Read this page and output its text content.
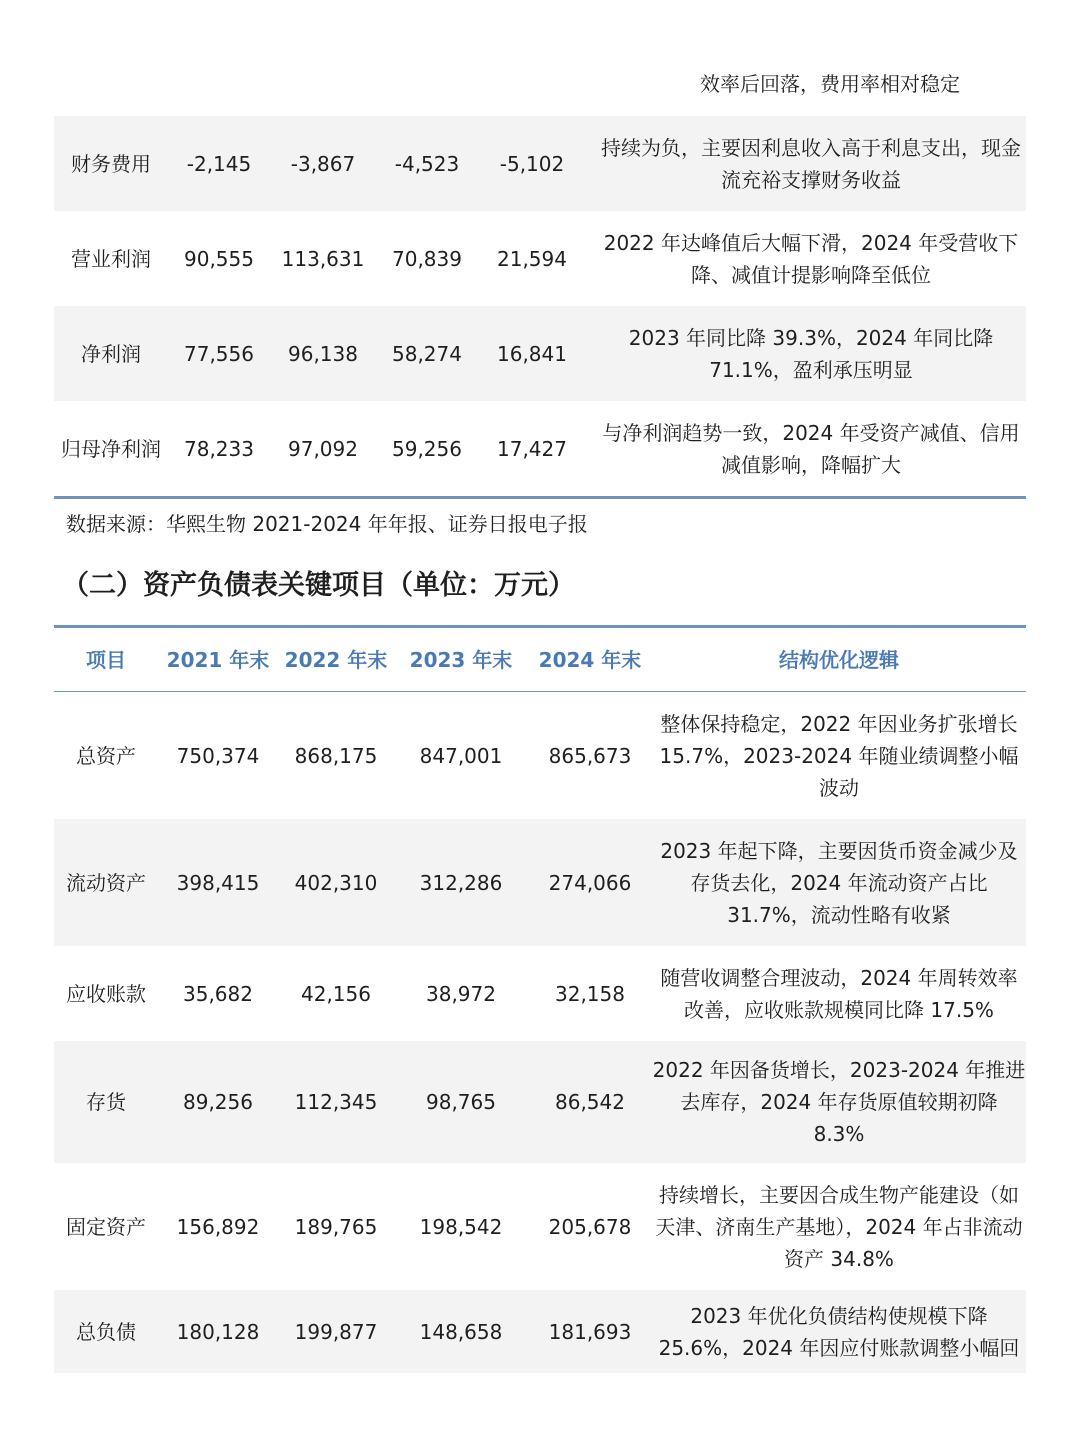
效率后回落，费用率相对稳定
财务费用	-2,145	-3,867	-4,523	-5,102
持续为负，主要因利息收入高于利息支出，现金流充裕支撑财务收益
营业利润	90,555	113,631	70,839	21,594
2022 年达峰值后大幅下滑，2024 年受营收下降、减值计提影响降至低位
净利润	77,556	96,138	58,274	16,841
2023 年同比降 39.3%，2024 年同比降 71.1%，盈利承压明显
归母净利润	78,233	97,092	59,256	17,427
与净利润趋势一致，2024 年受资产减值、信用减值影响，降幅扩大
数据来源：华熙生物 2021-2024 年年报、证券日报电子报
（二）资产负债表关键项目（单位：万元）
项目	2021 年末 2022 年末	2023 年末	2024 年末	结构优化逻辑
总资产	750,374	868,175	847,001	865,673
整体保持稳定，2022 年因业务扩张增长 15.7%，2023-2024 年随业绩调整小幅波动
流动资产	398,415	402,310	312,286	274,066
2023 年起下降，主要因货币资金减少及存货去化，2024 年流动资产占比 31.7%，流动性略有收紧
应收账款	35,682	42,156	38,972	32,158
随营收调整合理波动，2024 年周转效率改善，应收账款规模同比降 17.5%
存货	89,256	112,345	98,765	86,542
2022 年因备货增长，2023-2024 年推进去库存，2024 年存货原值较期初降 8.3%
固定资产	156,892	189,765	198,542	205,678
持续增长，主要因合成生物产能建设（如天津、济南生产基地），2024 年占非流动资产 34.8%
总负债	180,128	199,877	148,658	181,693
2023 年优化负债结构使规模下降 25.6%，2024 年因应付账款调整小幅回
